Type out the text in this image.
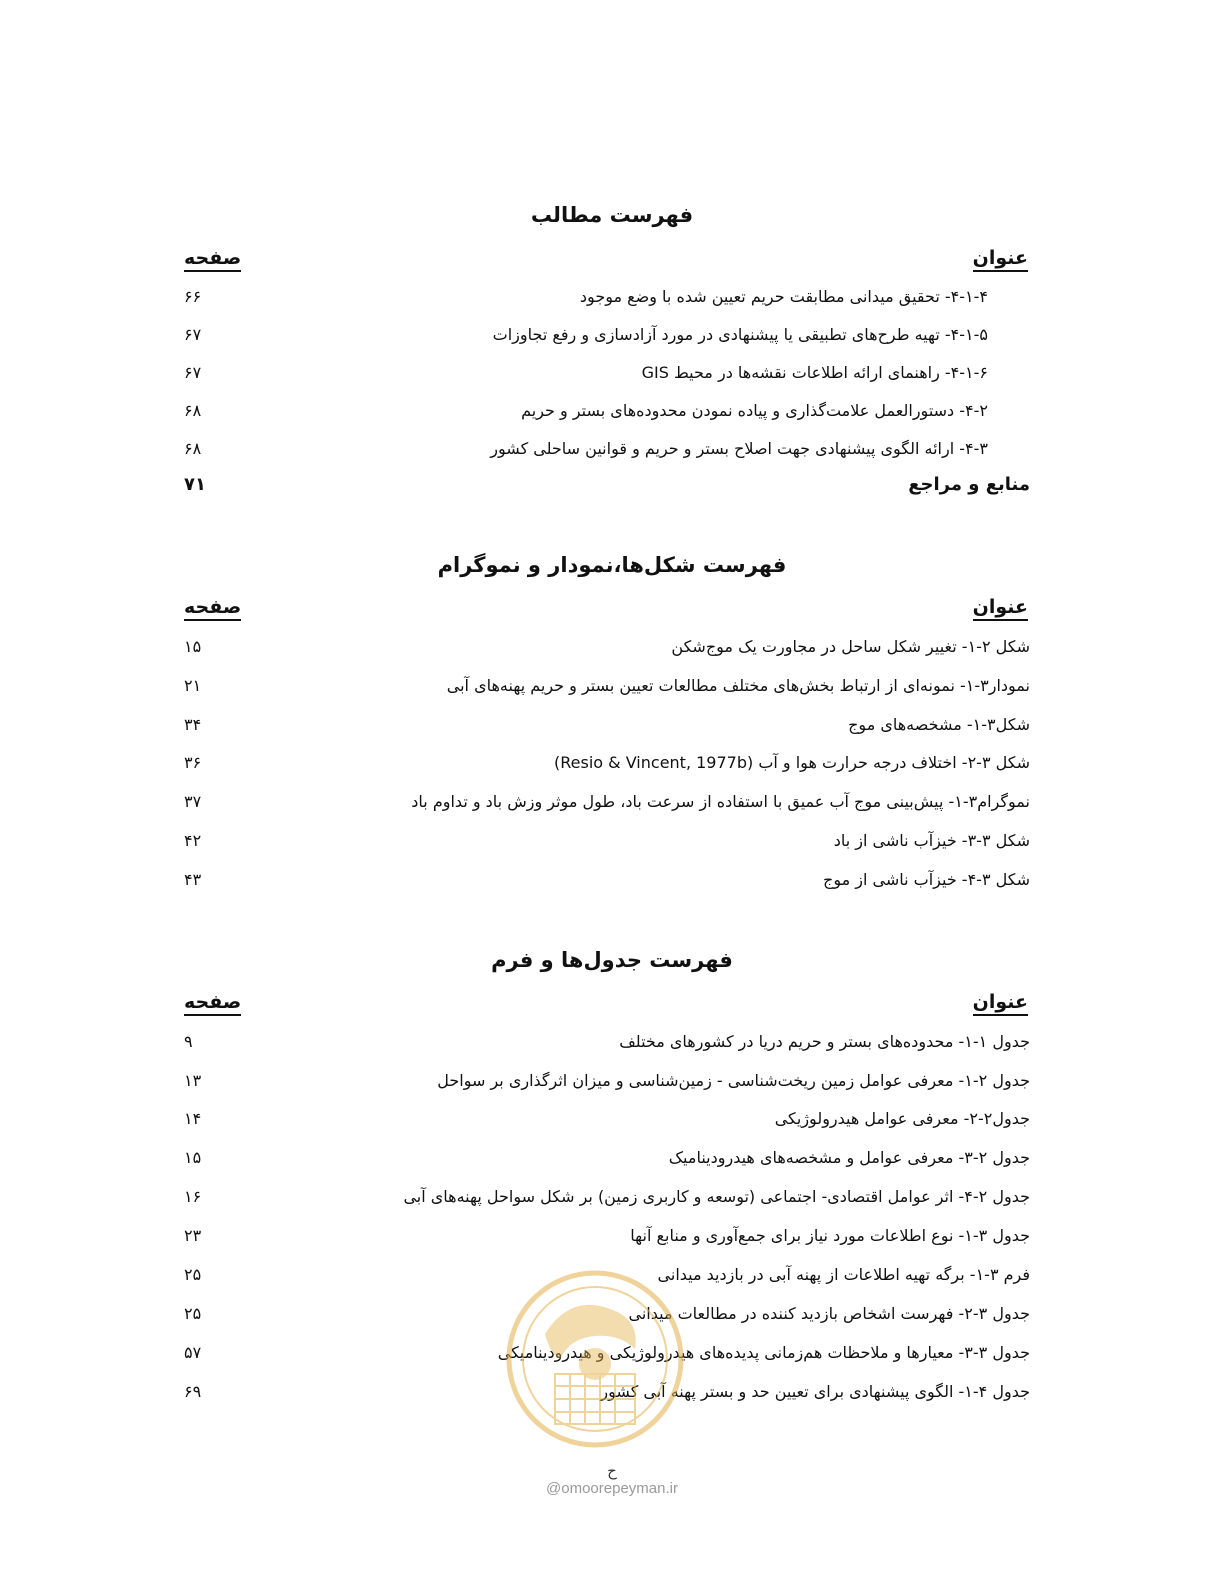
فهرست مطالب
عنوان
صفحه
۴-۱-۴- تحقیق میدانی مطابقت حریم تعیین شده با وضع موجود
۶۶
۴-۱-۵- تهیه طرح‌های تطبیقی یا پیشنهادی در مورد آزادسازی و رفع تجاوزات
۶۷
۴-۱-۶- راهنمای ارائه اطلاعات نقشه‌ها در محیط GIS
۶۷
۴-۲- دستورالعمل علامت‌گذاری و پیاده نمودن محدوده‌های بستر و حریم
۶۸
۴-۳- ارائه الگوی پیشنهادی جهت اصلاح بستر و حریم و قوانین ساحلی کشور
۶۸
منابع و مراجع
۷۱
فهرست شکل‌ها،نمودار و نموگرام
عنوان
صفحه
شکل ۲-۱- تغییر شکل ساحل در مجاورت یک موج‌شکن
۱۵
نمودار۳-۱- نمونه‌ای از ارتباط بخش‌های مختلف مطالعات تعیین بستر و حریم پهنه‌های آبی
۲۱
شکل۳-۱- مشخصه‌های موج
۳۴
شکل ۳-۲- اختلاف درجه حرارت هوا و آب (Resio & Vincent, 1977b)
۳۶
نموگرام۳-۱- پیش‌بینی موج آب عمیق با استفاده از سرعت باد، طول موثر وزش باد و تداوم باد
۳۷
شکل ۳-۳- خیزآب ناشی از باد
۴۲
شکل ۳-۴- خیزآب ناشی از موج
۴۳
فهرست جدول‌ها و فرم
عنوان
صفحه
جدول ۱-۱- محدوده‌های بستر و حریم دریا در کشورهای مختلف
۹
جدول ۲-۱- معرفی عوامل زمین ریخت‌شناسی - زمین‌شناسی و میزان اثرگذاری بر سواحل
۱۳
جدول۲-۲- معرفی عوامل هیدرولوژیکی
۱۴
جدول ۲-۳- معرفی عوامل و مشخصه‌های هیدرودینامیک
۱۵
جدول ۲-۴- اثر عوامل اقتصادی- اجتماعی (توسعه و کاربری زمین) بر شکل سواحل پهنه‌های آبی
۱۶
جدول ۳-۱- نوع اطلاعات مورد نیاز برای جمع‌آوری و منابع آنها
۲۳
فرم ۳-۱- برگه تهیه اطلاعات از پهنه آبی در بازدید میدانی
۲۵
جدول ۳-۲- فهرست اشخاص بازدید کننده در مطالعات میدانی
۲۵
جدول ۳-۳- معیارها و ملاحظات هم‌زمانی پدیده‌های هیدرولوژیکی و هیدرودینامیکی
۵۷
جدول ۴-۱- الگوی پیشنهادی برای تعیین حد و بستر پهنه آبی کشور
۶۹
ح
@omoorepeyman.ir
